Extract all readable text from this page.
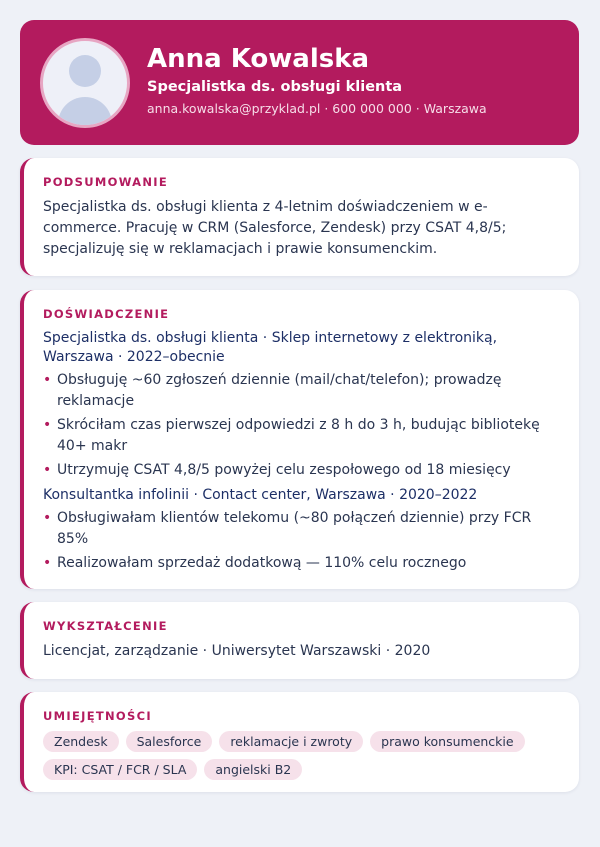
Anna Kowalska
Specjalistka ds. obsługi klienta
anna.kowalska@przyklad.pl · 600 000 000 · Warszawa
PODSUMOWANIE

Specjalistka ds. obsługi klienta z 4-letnim doświadczeniem w e-commerce. Pracuję w CRM (Salesforce, Zendesk) przy CSAT 4,8/5; specjalizuję się w reklamacjach i prawie konsumenckim.

DOŚWIADCZENIE
Specjalistka ds. obsługi klienta · Sklep internetowy z elektroniką, Warszawa · 2022–obecnie
• Obsługuję ~60 zgłoszeń dziennie (mail/chat/telefon); prowadzę reklamacje
• Skróciłam czas pierwszej odpowiedzi z 8 h do 3 h, budując bibliotekę 40+ makr
• Utrzymuję CSAT 4,8/5 powyżej celu zespołowego od 18 miesięcy
Konsultantka infolinii · Contact center, Warszawa · 2020–2022
• Obsługiwałam klientów telekomu (~80 połączeń dziennie) przy FCR 85%
• Realizowałam sprzedaż dodatkową — 110% celu rocznego
WYKSZTAŁCENIE

Licencjat, zarządzanie · Uniwersytet Warszawski · 2020

UMIEJĘTNOŚCI
Zendesk	Salesforce	reklamacje i zwroty	prawo konsumenckie
KPI: CSAT / FCR / SLA	angielski B2
